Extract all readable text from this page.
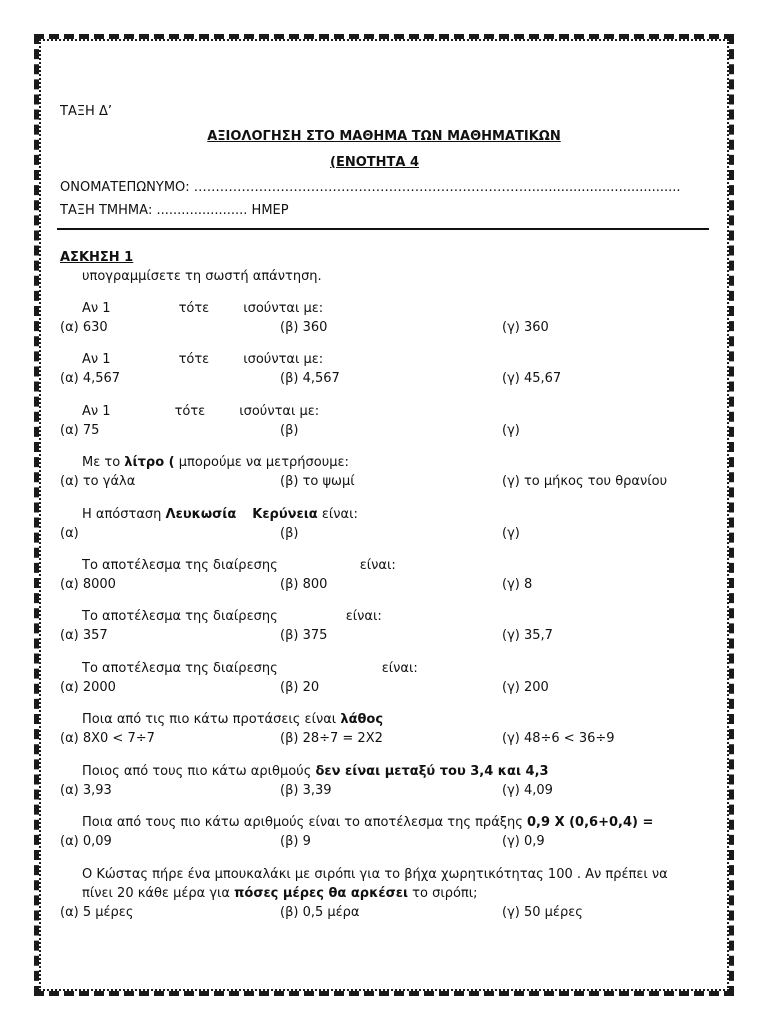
ΤΑΞΗ Δ’
ΑΞΙΟΛΟΓΗΣΗ ΣΤΟ ΜΑΘΗΜΑ ΤΩΝ ΜΑΘΗΜΑΤΙΚΩΝ
(ΕΝΟΤΗΤΑ 4
ΟΝΟΜΑΤΕΠΩΝΥΜΟ: ……………………………………………………………………....................................
ΤΑΞΗ ΤΜΗΜΑ: ...................... ΗΜΕΡ
ΑΣΚΗΣΗ 1
υπογραμμίσετε τη σωστή απάντηση.
Αν 1	τότε	ισούνται με:
(α) 630	(β) 360	(γ) 360
Αν 1	τότε	ισούνται με:
(α) 4,567	(β) 4,567	(γ) 45,67
Αν 1	τότε	ισούνται με:
(α) 75	(β)	(γ)
Με το λίτρο ( μπορούμε να μετρήσουμε:
(α) το γάλα	(β) το ψωμί	(γ) το μήκος του θρανίου
Η απόσταση Λευκωσία Κερύνεια είναι:
(α)	(β)	(γ)
Το αποτέλεσμα της διαίρεσης	είναι:
(α) 8000	(β) 800	(γ) 8
Το αποτέλεσμα της διαίρεσης	είναι:
(α) 357	(β) 375	(γ) 35,7
Το αποτέλεσμα της διαίρεσης	είναι:
(α) 2000	(β) 20	(γ) 200
Ποια από τις πιο κάτω προτάσεις είναι λάθος
(α) 8Χ0 < 7÷7	(β) 28÷7 = 2Χ2	(γ) 48÷6 < 36÷9
Ποιος από τους πιο κάτω αριθμούς δεν είναι μεταξύ του 3,4 και 4,3
(α) 3,93	(β) 3,39	(γ) 4,09
Ποια από τους πιο κάτω αριθμούς είναι το αποτέλεσμα της πράξης 0,9 Χ (0,6+0,4) =
(α) 0,09	(β) 9	(γ) 0,9
Ο Κώστας πήρε ένα μπουκαλάκι με σιρόπι για το βήχα χωρητικότητας 100 . Αν πρέπει να
πίνει 20 κάθε μέρα για πόσες μέρες θα αρκέσει το σιρόπι;
(α) 5 μέρες	(β) 0,5 μέρα	(γ) 50 μέρες
